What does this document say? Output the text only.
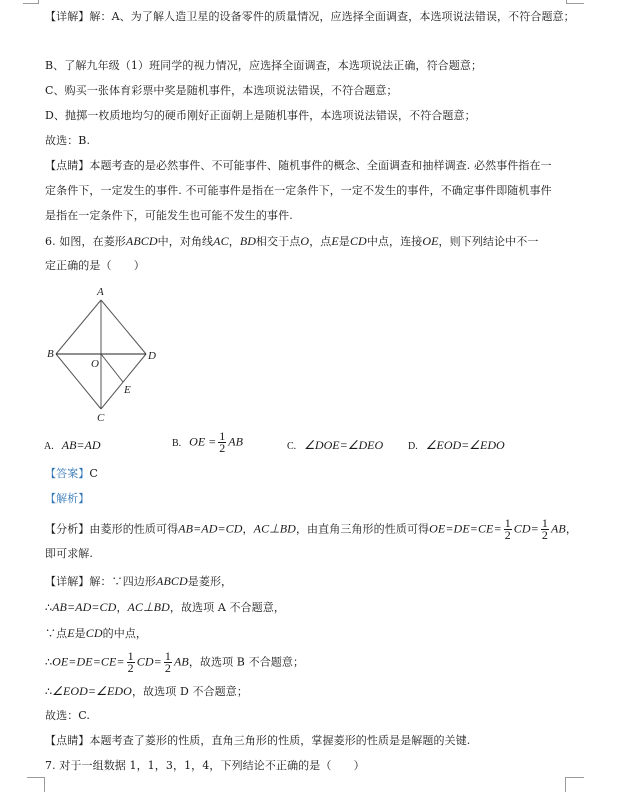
【详解】解：A、为了解人造卫星的设备零件的质量情况，应选择全面调查，本选项说法错误，不符合题意；
B、了解九年级（1）班同学的视力情况，应选择全面调查，本选项说法正确，符合题意；
C、购买一张体育彩票中奖是随机事件，本选项说法错误，不符合题意；
D、抛掷一枚质地均匀的硬币刚好正面朝上是随机事件，本选项说法错误，不符合题意；
故选：B.
【点睛】本题考查的是必然事件、不可能事件、随机事件的概念、全面调查和抽样调查. 必然事件指在一
定条件下，一定发生的事件. 不可能事件是指在一定条件下，一定不发生的事件，不确定事件即随机事件
是指在一定条件下，可能发生也可能不发生的事件.
6. 如图，在菱形ABCD中，对角线AC，BD相交于点O，点E是CD中点，连接OE，则下列结论中不一
定正确的是（　　）
A
B
C
D
O
E
A. AB=AD	B. OE = $\frac{1}{2}$ AB	C. ∠DOE=∠DEO D. ∠EOD=∠EDO
【答案】C
【解析】
【分析】由菱形的性质可得AB=AD=CD，AC⊥BD，由直角三角形的性质可得$OE=DE=CE= \frac{1}{2} CD= \frac{1}{2}$ AB，
即可求解.
【详解】解：∵四边形ABCD是菱形，
∴AB=AD=CD，AC⊥BD，故选项 A 不合题意，
∵点E是CD的中点，
∴OE=DE=CE= $\frac{1}{2} CD= \frac{1}{2}$ AB，故选项 B 不合题意；
∴∠EOD=∠EDO，故选项 D 不合题意；
故选：C.
【点睛】本题考查了菱形的性质，直角三角形的性质，掌握菱形的性质是是解题的关键.
7. 对于一组数据 1，1，3，1，4，下列结论不正确的是（　　）
